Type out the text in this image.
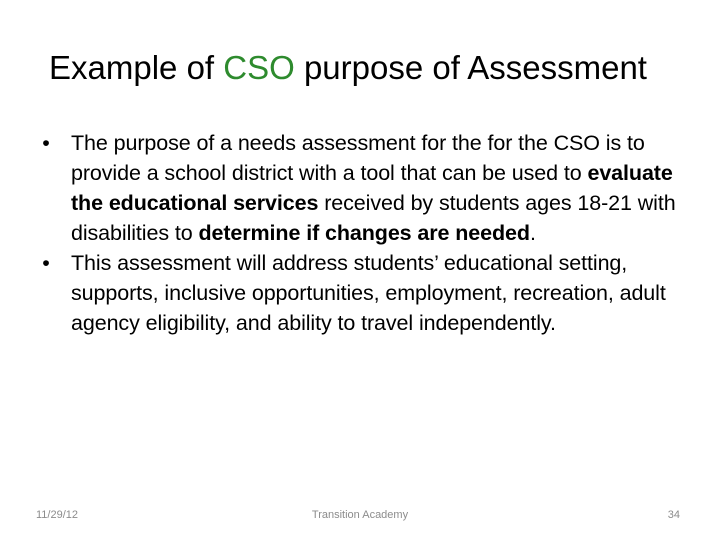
Example of CSO purpose of Assessment
• The purpose of a needs assessment for the for the CSO is to provide a school district with a tool that can be used to evaluate the educational services received by students ages 18-21 with disabilities to determine if changes are needed.
• This assessment will address students’ educational setting, supports, inclusive opportunities, employment, recreation, adult agency eligibility, and ability to travel independently.
11/29/12	Transition Academy	34
